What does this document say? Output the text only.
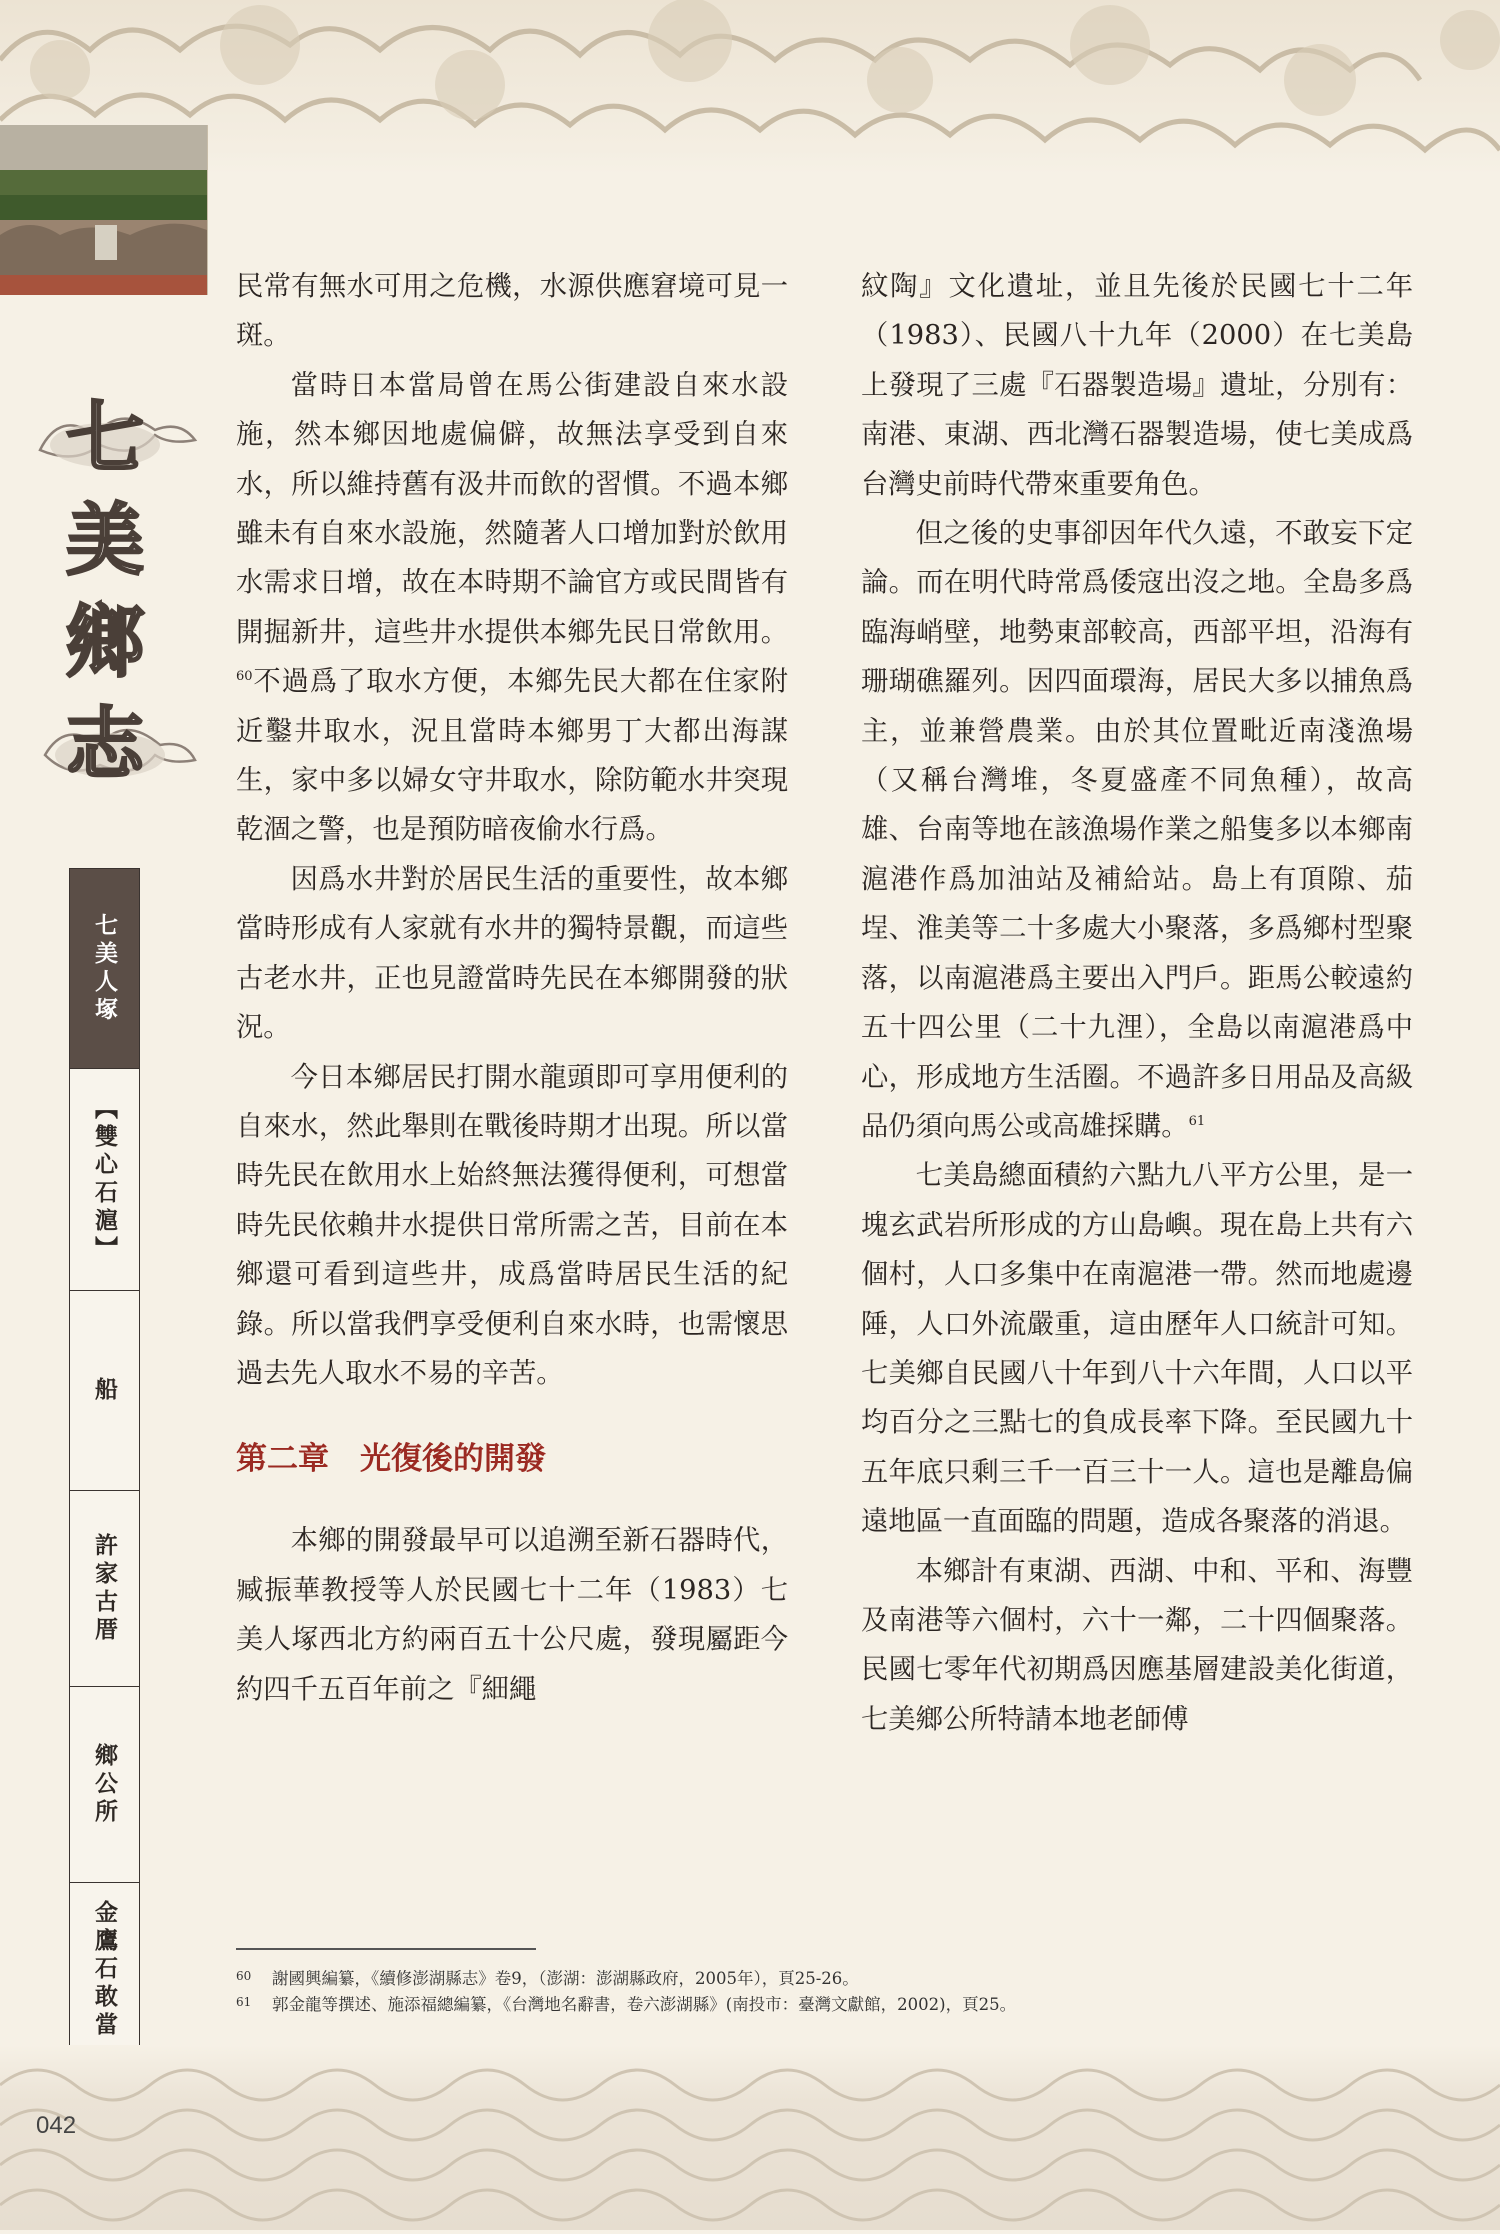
七
美
鄉
志
七美人塚
【雙心石滬】
船
許家古厝
鄉公所
金鷹石敢當

民常有無水可用之危機，水源供應窘境可見一斑。

當時日本當局曾在馬公街建設自來水設施，然本鄉因地處偏僻，故無法享受到自來水，所以維持舊有汲井而飲的習慣。不過本鄉雖未有自來水設施，然隨著人口增加對於飲用水需求日增，故在本時期不論官方或民間皆有開掘新井，這些井水提供本鄉先民日常飲用。$^{60}$不過爲了取水方便，本鄉先民大都在住家附近鑿井取水，況且當時本鄉男丁大都出海謀生，家中多以婦女守井取水，除防範水井突現乾涸之警，也是預防暗夜偷水行爲。

因爲水井對於居民生活的重要性，故本鄉當時形成有人家就有水井的獨特景觀，而這些古老水井，正也見證當時先民在本鄉開發的狀況。

今日本鄉居民打開水龍頭即可享用便利的自來水，然此舉則在戰後時期才出現。所以當時先民在飲用水上始終無法獲得便利，可想當時先民依賴井水提供日常所需之苦，目前在本鄉還可看到這些井，成爲當時居民生活的紀錄。所以當我們享受便利自來水時，也需懷思過去先人取水不易的辛苦。

第二章　光復後的開發

本鄉的開發最早可以追溯至新石器時代，臧振華教授等人於民國七十二年（1983）七美人塚西北方約兩百五十公尺處，發現屬距今約四千五百年前之『細繩

紋陶』文化遺址，並且先後於民國七十二年（1983）、民國八十九年（2000）在七美島上發現了三處『石器製造場』遺址，分別有：南港、東湖、西北灣石器製造場，使七美成爲台灣史前時代帶來重要角色。

但之後的史事卻因年代久遠，不敢妄下定論。而在明代時常爲倭寇出沒之地。全島多爲臨海峭壁，地勢東部較高，西部平坦，沿海有珊瑚礁羅列。因四面環海，居民大多以捕魚爲主，並兼營農業。由於其位置毗近南淺漁場（又稱台灣堆，冬夏盛產不同魚種），故高雄、台南等地在該漁場作業之船隻多以本鄉南滬港作爲加油站及補給站。島上有頂隙、茄埕、淮美等二十多處大小聚落，多爲鄉村型聚落，以南滬港爲主要出入門戶。距馬公較遠約五十四公里（二十九浬），全島以南滬港爲中心，形成地方生活圈。不過許多日用品及高級品仍須向馬公或高雄採購。$^{61}$

七美島總面積約六點九八平方公里，是一塊玄武岩所形成的方山島嶼。現在島上共有六個村，人口多集中在南滬港一帶。然而地處邊陲，人口外流嚴重，這由歷年人口統計可知。七美鄉自民國八十年到八十六年間，人口以平均百分之三點七的負成長率下降。至民國九十五年底只剩三千一百三十一人。這也是離島偏遠地區一直面臨的問題，造成各聚落的消退。

本鄉計有東湖、西湖、中和、平和、海豐及南港等六個村，六十一鄰，二十四個聚落。民國七零年代初期爲因應基層建設美化街道，七美鄉公所特請本地老師傅

60 謝國興編纂，《續修澎湖縣志》卷9，（澎湖：澎湖縣政府，2005年），頁25-26。
61 郭金龍等撰述、施添福總編纂，《台灣地名辭書，卷六澎湖縣》(南投市：臺灣文獻館，2002)，頁25。
042
